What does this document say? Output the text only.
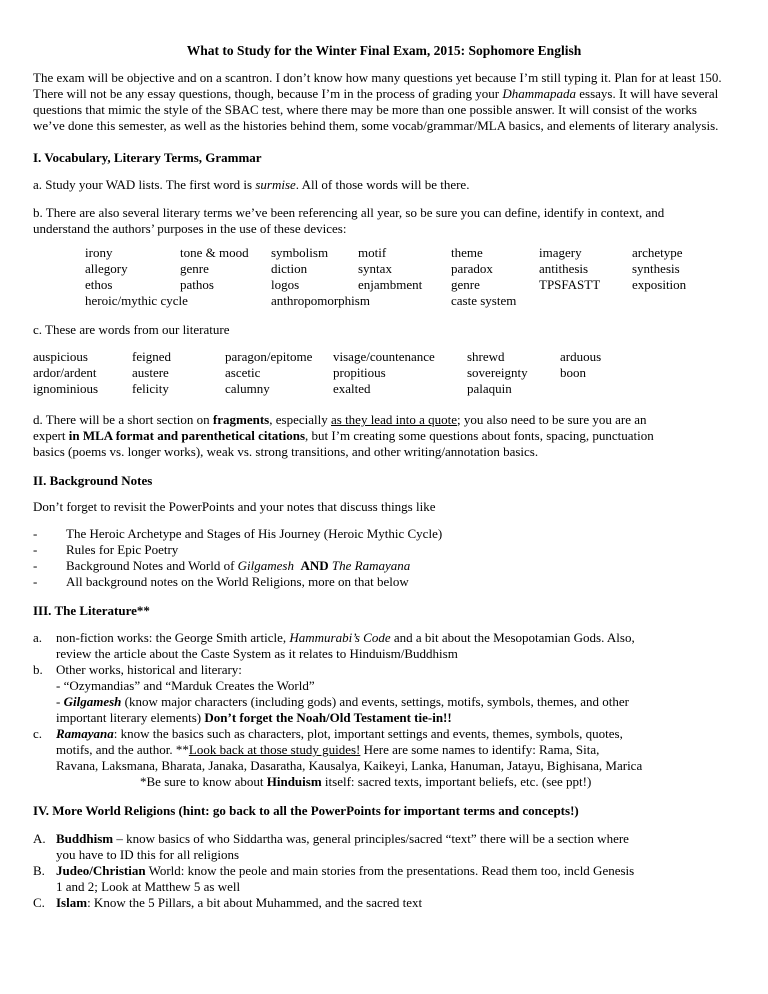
What to Study for the Winter Final Exam, 2015: Sophomore English
The exam will be objective and on a scantron. I don’t know how many questions yet because I’m still typing it. Plan for at least 150.
There will not be any essay questions, though, because I’m in the process of grading your Dhammapada essays. It will have several
questions that mimic the style of the SBAC test, where there may be more than one possible answer. It will consist of the works
we’ve done this semester, as well as the histories behind them, some vocab/grammar/MLA basics, and elements of literary analysis.
I. Vocabulary, Literary Terms, Grammar
a. Study your WAD lists. The first word is surmise. All of those words will be there.
b. There are also several literary terms we’ve been referencing all year, so be sure you can define, identify in context, and
understand the authors’ purposes in the use of these devices:
irony
allegory
ethos
heroic/mythic cycle
tone & mood
genre
pathos
symbolism
diction
logos
anthropomorphism
motif
syntax
enjambment
theme
paradox
genre
caste system
imagery
antithesis
TPSFASTT
archetype
synthesis
exposition
c. These are words from our literature
auspicious
ardor/ardent
ignominious
feigned
austere
felicity
paragon/epitome
ascetic
calumny
visage/countenance
propitious
exalted
shrewd
sovereignty
palaquin
arduous
boon
d. There will be a short section on fragments, especially as they lead into a quote; you also need to be sure you are an
expert in MLA format and parenthetical citations, but I’m creating some questions about fonts, spacing, punctuation
basics (poems vs. longer works), weak vs. strong transitions, and other writing/annotation basics.
II. Background Notes
Don’t forget to revisit the PowerPoints and your notes that discuss things like
- The Heroic Archetype and Stages of His Journey (Heroic Mythic Cycle)
- Rules for Epic Poetry
- Background Notes and World of Gilgamesh AND The Ramayana
- All background notes on the World Religions, more on that below
III. The Literature**
a. non-fiction works: the George Smith article, Hammurabi’s Code and a bit about the Mesopotamian Gods. Also,
review the article about the Caste System as it relates to Hinduism/Buddhism
b. Other works, historical and literary:
- “Ozymandias” and “Marduk Creates the World”
- Gilgamesh (know major characters (including gods) and events, settings, motifs, symbols, themes, and other
important literary elements) Don’t forget the Noah/Old Testament tie-in!!
c. Ramayana: know the basics such as characters, plot, important settings and events, themes, symbols, quotes,
motifs, and the author. **Look back at those study guides! Here are some names to identify: Rama, Sita,
Ravana, Laksmana, Bharata, Janaka, Dasaratha, Kausalya, Kaikeyi, Lanka, Hanuman, Jatayu, Bighisana, Marica
*Be sure to know about Hinduism itself: sacred texts, important beliefs, etc. (see ppt!)
IV. More World Religions (hint: go back to all the PowerPoints for important terms and concepts!)
A. Buddhism – know basics of who Siddartha was, general principles/sacred “text” there will be a section where
you have to ID this for all religions
B. Judeo/Christian World: know the peole and main stories from the presentations. Read them too, incld Genesis
1 and 2; Look at Matthew 5 as well
C. Islam: Know the 5 Pillars, a bit about Muhammed, and the sacred text
